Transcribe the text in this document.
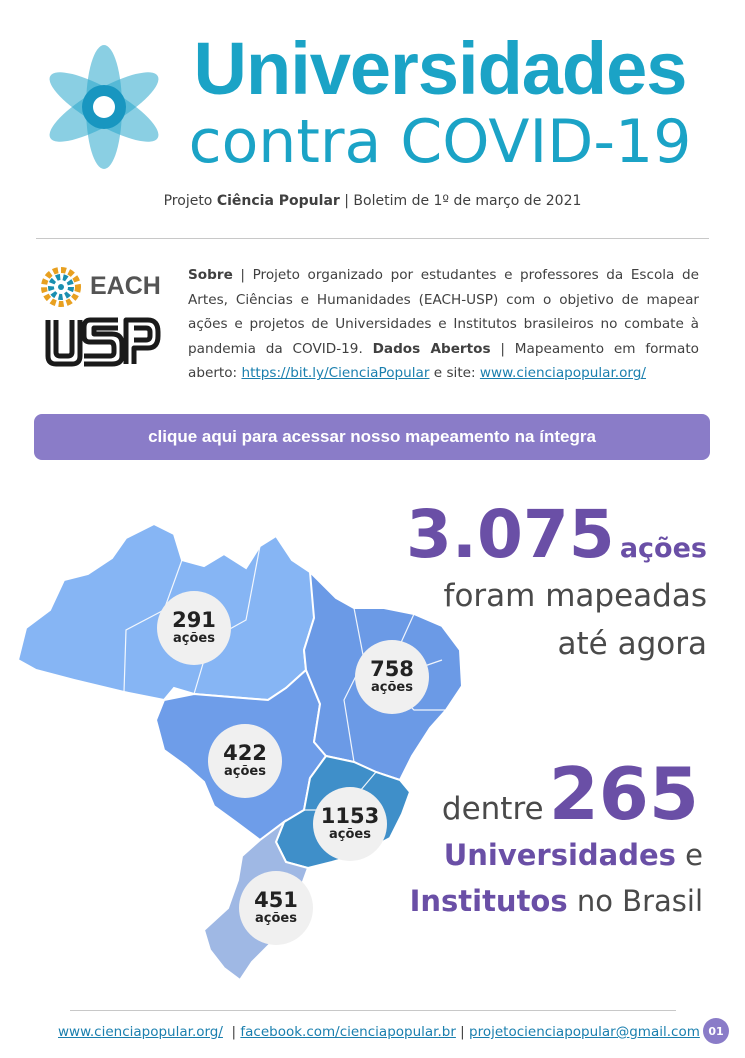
Universidades
contra COVID-19
Projeto Ciência Popular | Boletim de 1º de março de 2021
EACH Sobre | Projeto organizado por estudantes e professores da Escola de Artes, Ciências e Humanidades (EACH-USP) com o objetivo de mapear ações e projetos de Universidades e Institutos brasileiros no combate à pandemia da COVID-19. Dados Abertos | Mapeamento em formato aberto: https://bit.ly/CienciaPopular e site: www.cienciapopular.org/
clique aqui para acessar nosso mapeamento na íntegra
291
ações
758
ações
422
ações
1153
ações
451
ações
3.075 ações
foram mapeadas
até agora
dentre 265
Universidades e
Institutos no Brasil
www.cienciapopular.org/  | facebook.com/cienciapopular.br | projetocienciapopular@gmail.com 01
